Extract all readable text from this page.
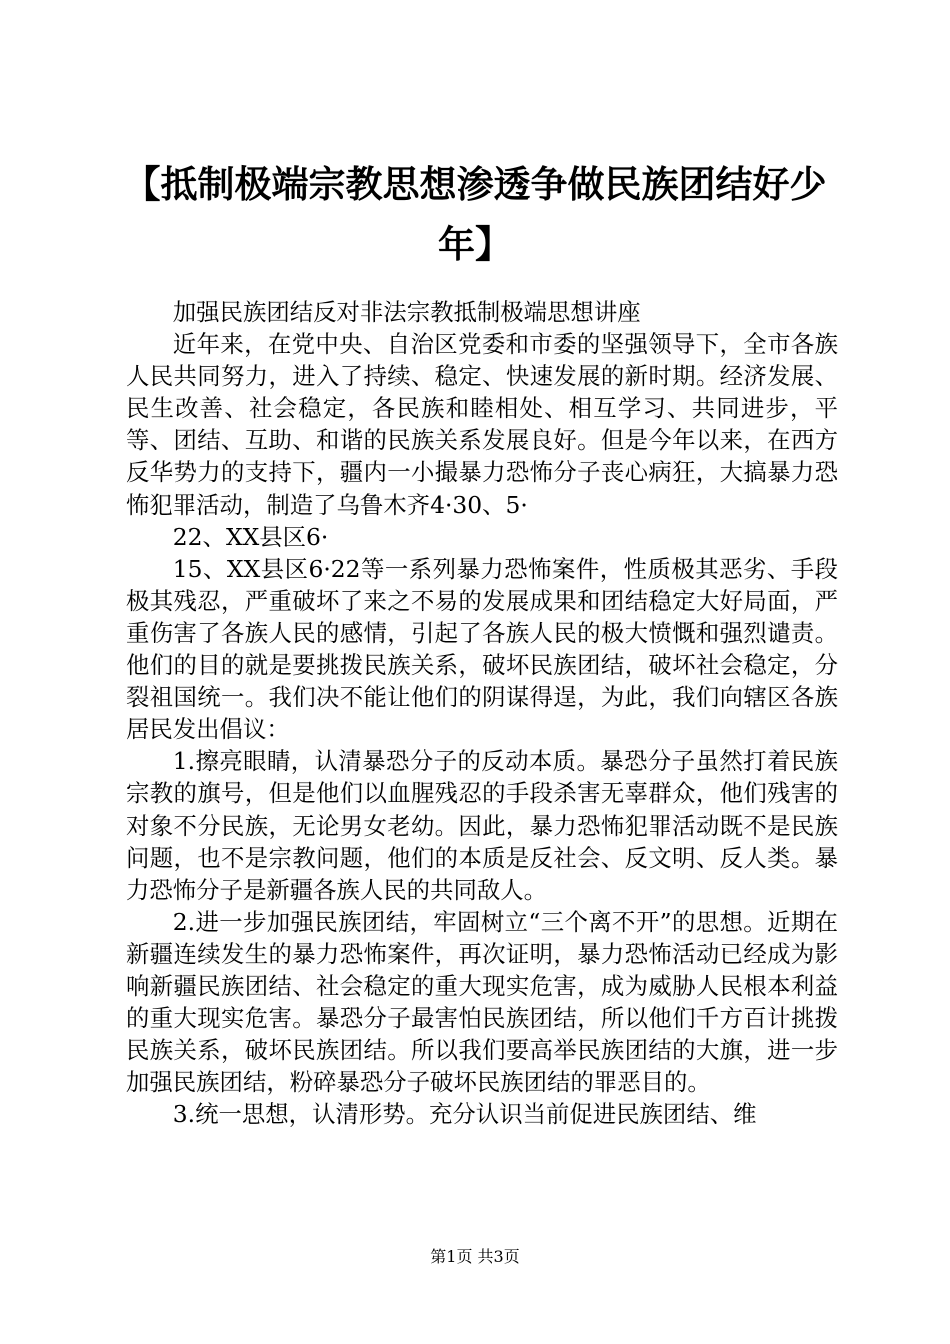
【抵制极端宗教思想渗透争做民族团结好少
年】

加强民族团结反对非法宗教抵制极端思想讲座

近年来，在党中央、自治区党委和市委的坚强领导下，全市各族人民共同努力，进入了持续、稳定、快速发展的新时期。经济发展、民生改善、社会稳定，各民族和睦相处、相互学习、共同进步，平等、团结、互助、和谐的民族关系发展良好。但是今年以来，在西方反华势力的支持下，疆内一小撮暴力恐怖分子丧心病狂，大搞暴力恐怖犯罪活动，制造了乌鲁木齐4·30、5·

22、XX县区6·

15、XX县区6·22等一系列暴力恐怖案件，性质极其恶劣、手段极其残忍，严重破坏了来之不易的发展成果和团结稳定大好局面，严重伤害了各族人民的感情，引起了各族人民的极大愤慨和强烈谴责。他们的目的就是要挑拨民族关系，破坏民族团结，破坏社会稳定，分裂祖国统一。我们决不能让他们的阴谋得逞，为此，我们向辖区各族居民发出倡议：

1.擦亮眼睛，认清暴恐分子的反动本质。暴恐分子虽然打着民族宗教的旗号，但是他们以血腥残忍的手段杀害无辜群众，他们残害的对象不分民族，无论男女老幼。因此，暴力恐怖犯罪活动既不是民族问题，也不是宗教问题，他们的本质是反社会、反文明、反人类。暴力恐怖分子是新疆各族人民的共同敌人。

2.进一步加强民族团结，牢固树立“三个离不开”的思想。近期在新疆连续发生的暴力恐怖案件，再次证明，暴力恐怖活动已经成为影响新疆民族团结、社会稳定的重大现实危害，成为威胁人民根本利益的重大现实危害。暴恐分子最害怕民族团结，所以他们千方百计挑拨民族关系，破坏民族团结。所以我们要高举民族团结的大旗，进一步加强民族团结，粉碎暴恐分子破坏民族团结的罪恶目的。

3.统一思想，认清形势。充分认识当前促进民族团结、维

第1页 共3页
